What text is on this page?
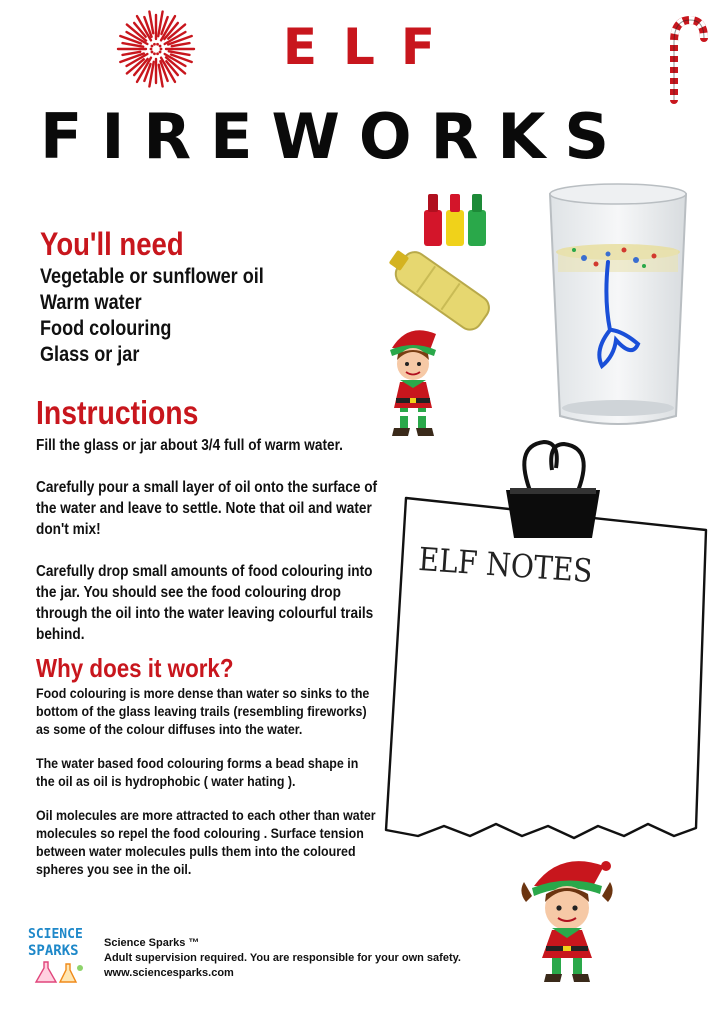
ELF
FIREWORKS
You'll need
Vegetable or sunflower oil
Warm water
Food colouring
Glass or jar
Instructions
Fill the glass or jar about 3/4 full of warm water.
Carefully pour a small layer of oil onto the surface of the water and leave to settle. Note that oil and water don't mix!
Carefully drop small amounts of food colouring into the jar. You should see the food colouring drop through the oil into the water leaving colourful trails behind.
Why does it work?
Food colouring is more dense than water so sinks to the bottom of the glass leaving trails (resembling fireworks) as some of the colour diffuses into the water.
The water based food colouring forms a bead shape in the oil as oil is hydrophobic ( water hating ).
Oil molecules are more attracted to each other than water molecules so repel the food colouring . Surface tension between water molecules pulls them into the coloured spheres you see in the oil.
ELF NOTES
SCIENCE
SPARKS	Science Sparks ™
Adult supervision required. You are responsible for your own safety.
www.sciencesparks.com
